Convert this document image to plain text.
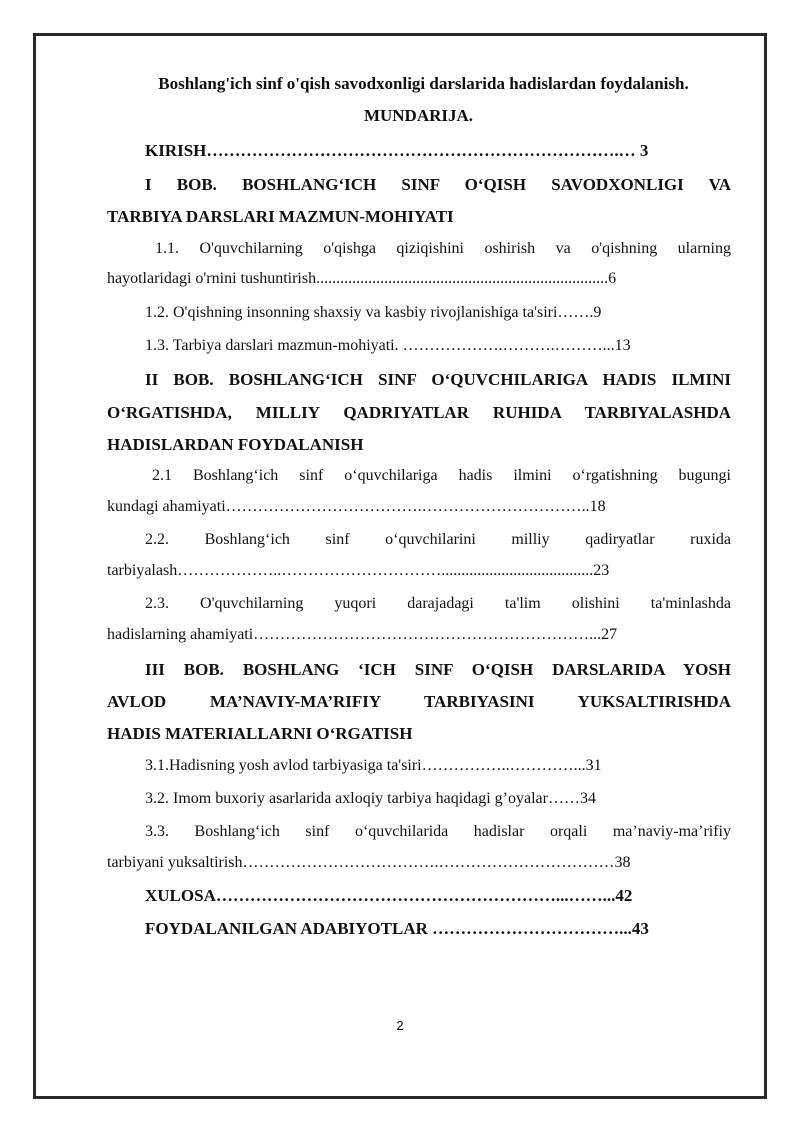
Boshlang'ich sinf o'qish savodxonligi darslarida hadislardan foydalanish.
MUNDARIJA.
KIRISH……………………………………………………………….… 3
I BOB. BOSHLANG‘ICH SINF O‘QISH SAVODXONLIGI VA
TARBIYA DARSLARI MAZMUN-MOHIYATI
1.1. O'quvchilarning o'qishga qiziqishini oshirish va o'qishning ularning
hayotlaridagi o'rnini tushuntirish.........................................................................6
1.2. O'qishning insonning shaxsiy va kasbiy rivojlanishiga ta'siri…….9
1.3. Tarbiya darslari mazmun-mohiyati. ……………….……….………...13
II BOB. BOSHLANG‘ICH SINF O‘QUVCHILARIGA HADIS ILMINI
O‘RGATISHDA, MILLIY QADRIYATLAR RUHIDA TARBIYALASHDA
HADISLARDAN FOYDALANISH
2.1 Boshlang‘ich sinf o‘quvchilariga hadis ilmini o‘rgatishning bugungi
kundagi ahamiyati……………………………….…………………………..18
2.2. Boshlang‘ich sinf o‘quvchilarini milliy qadiryatlar ruxida
tarbiyalash………………..…………………………......................................23
2.3. O'quvchilarning yuqori darajadagi ta'lim olishini ta'minlashda
hadislarning ahamiyati………………………………………………………...27
III BOB. BOSHLANG ‘ICH SINF O‘QISH DARSLARIDA YOSH
AVLOD MA’NAVIY-MA’RIFIY TARBIYASINI YUKSALTIRISHDA
HADIS MATERIALLARNI O‘RGATISH
3.1.Hadisning yosh avlod tarbiyasiga ta'siri……………..…………...31
3.2. Imom buxoriy asarlarida axloqiy tarbiya haqidagi g’oyalar……34
3.3. Boshlang‘ich sinf o‘quvchilarida hadislar orqali ma’naviy-ma’rifiy
tarbiyani yuksaltirish……………………………….……………………………38
XULOSA……………………………………………………...……...42
FOYDALANILGAN ADABIYOTLAR ……………………………...43
2
